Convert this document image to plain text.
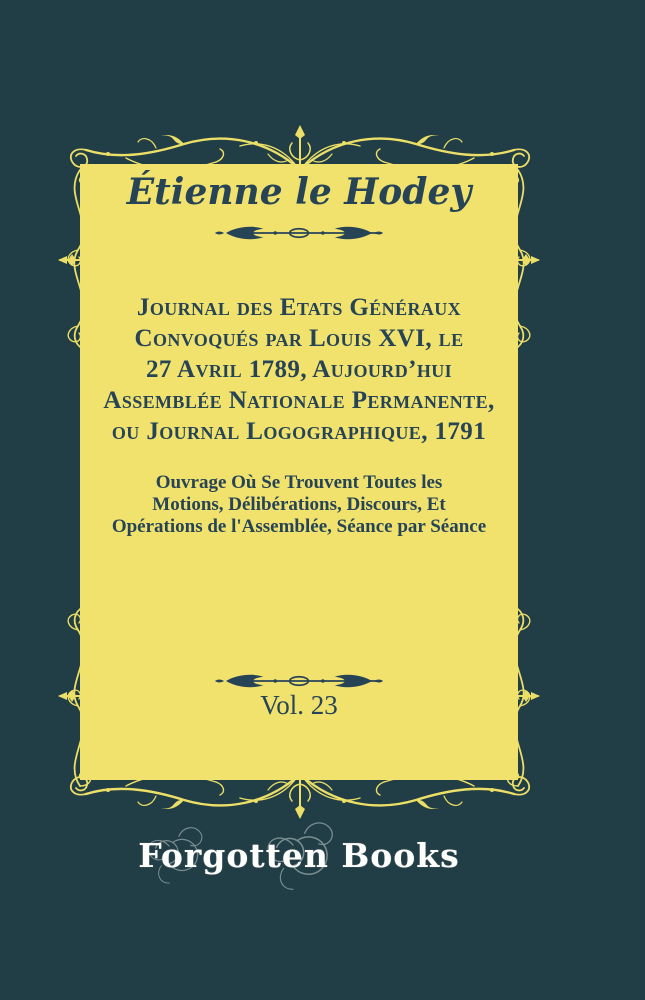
Étienne le Hodey
Journal des Etats Généraux
Convoqués par Louis XVI, le
27 Avril 1789, Aujourd’hui
Assemblée Nationale Permanente,
ou Journal Logographique, 1791
Ouvrage Où Se Trouvent Toutes les
Motions, Délibérations, Discours, Et
Opérations de l'Assemblée, Séance par Séance
Vol. 23
Forgotten Books
